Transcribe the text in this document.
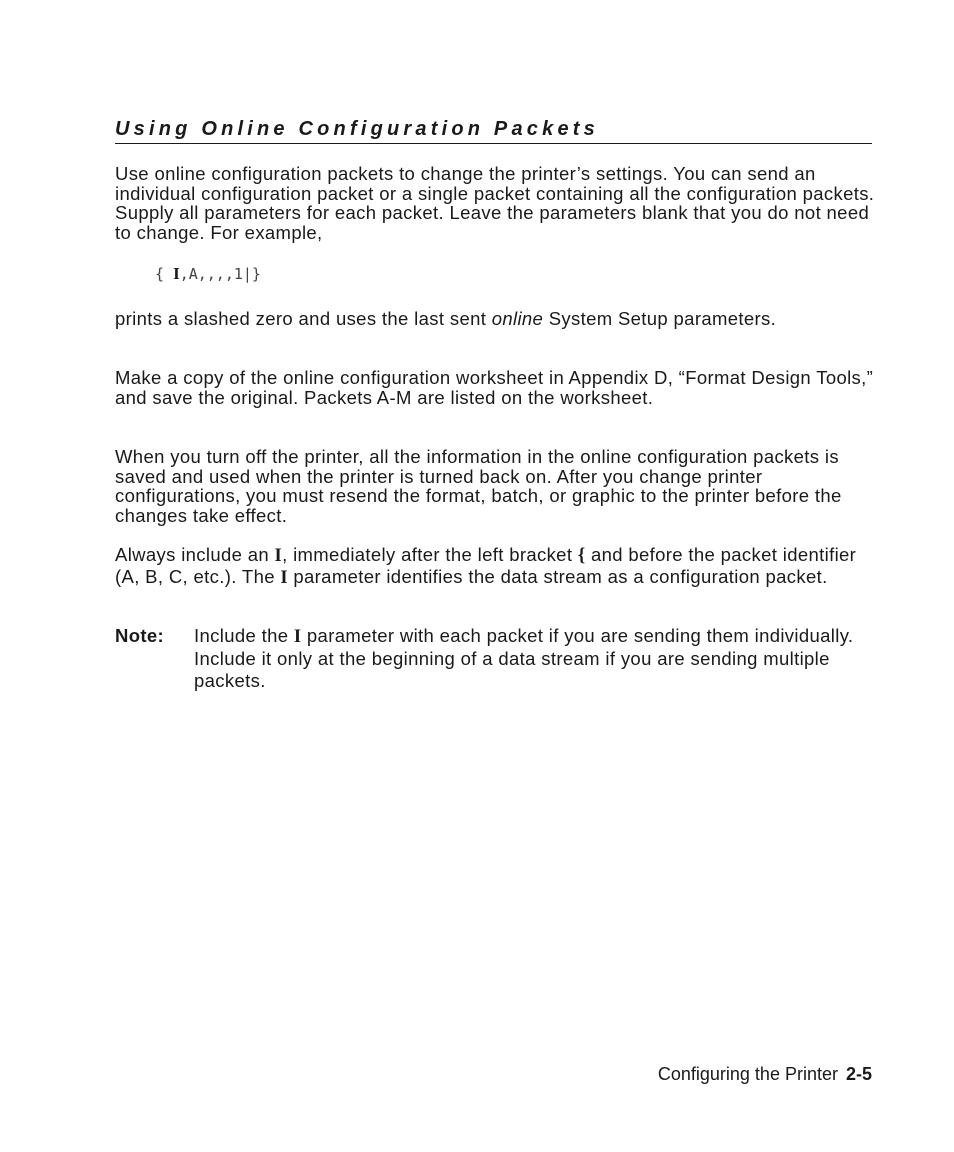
Using Online Configuration Packets

Use online configuration packets to change the printer’s settings. You can send an individual configuration packet or a single packet containing all the configuration packets. Supply all parameters for each packet. Leave the parameters blank that you do not need to change. For example,

{ I,A,,,,1|}

prints a slashed zero and uses the last sent online System Setup parameters.

Make a copy of the online configuration worksheet in Appendix D, “Format Design Tools,” and save the original. Packets A-M are listed on the worksheet.

When you turn off the printer, all the information in the online configuration packets is saved and used when the printer is turned back on. After you change printer configurations, you must resend the format, batch, or graphic to the printer before the changes take effect.

Always include an I, immediately after the left bracket { and before the packet identifier (A, B, C, etc.). The I parameter identifies the data stream as a configuration packet.

Note: Include the I parameter with each packet if you are sending them individually. Include it only at the beginning of a data stream if you are sending multiple packets.
Configuring the Printer 2-5
